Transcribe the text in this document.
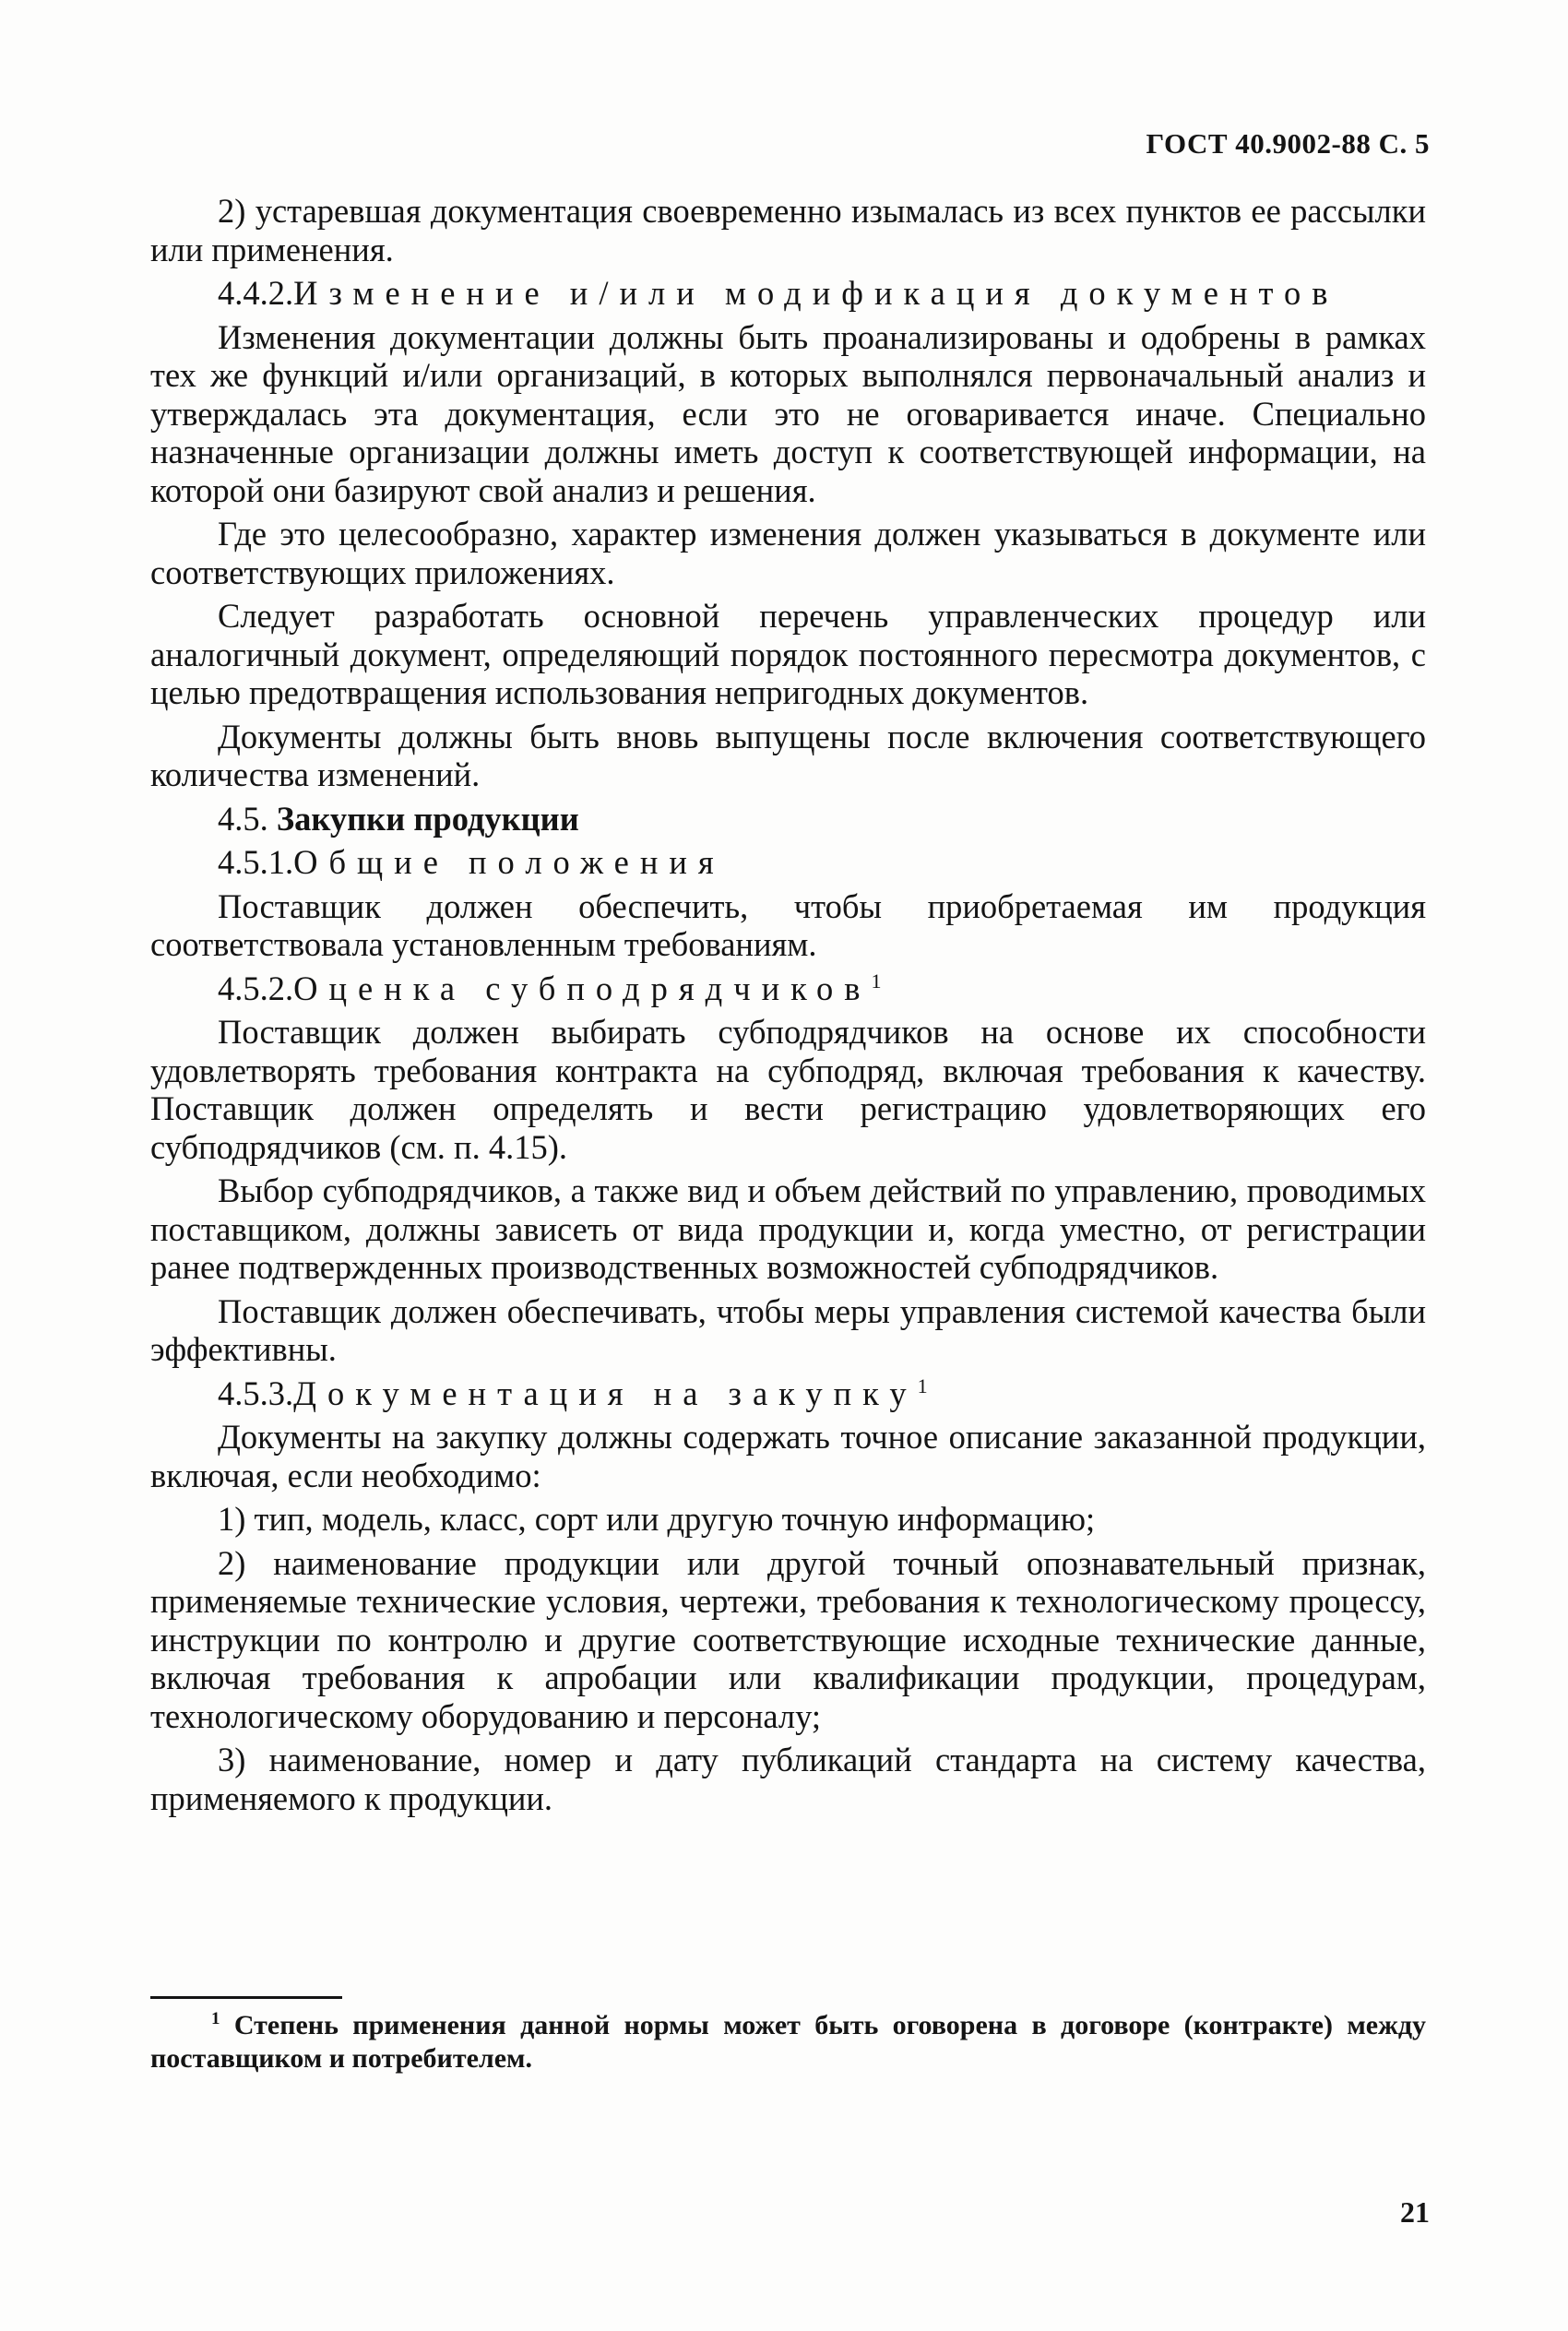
ГОСТ 40.9002-88 С. 5

2) устаревшая документация своевременно изымалась из всех пунктов ее рассылки или применения.

4.4.2.Изменение и/или модификация документов

Изменения документации должны быть проанализированы и одобрены в рамках тех же функций и/или организаций, в которых выполнялся первоначальный анализ и утверждалась эта документация, если это не оговаривается иначе. Специально назначенные организации должны иметь доступ к соответствующей информации, на которой они базируют свой анализ и решения.

Где это целесообразно, характер изменения должен указываться в документе или соответствующих приложениях.

Следует разработать основной перечень управленческих процедур или аналогичный документ, определяющий порядок постоянного пересмотра документов, с целью предотвращения использования непригодных документов.

Документы должны быть вновь выпущены после включения соответствующего количества изменений.

4.5. Закупки продукции

4.5.1.Общие положения

Поставщик должен обеспечить, чтобы приобретаемая им продукция соответствовала установленным требованиям.

4.5.2.Оценка субподрядчиков$^1$

Поставщик должен выбирать субподрядчиков на основе их способности удовлетворять требования контракта на субподряд, включая требования к качеству. Поставщик должен определять и вести регистрацию удовлетворяющих его субподрядчиков (см. п. 4.15).

Выбор субподрядчиков, а также вид и объем действий по управлению, проводимых поставщиком, должны зависеть от вида продукции и, когда уместно, от регистрации ранее подтвержденных производственных возможностей субподрядчиков.

Поставщик должен обеспечивать, чтобы меры управления системой качества были эффективны.

4.5.3.Документация на закупку$^1$

Документы на закупку должны содержать точное описание заказанной продукции, включая, если необходимо:

1) тип, модель, класс, сорт или другую точную информацию;

2) наименование продукции или другой точный опознавательный признак, применяемые технические условия, чертежи, требования к технологическому процессу, инструкции по контролю и другие соответствующие исходные технические данные, включая требования к апробации или квалификации продукции, процедурам, технологическому оборудованию и персоналу;

3) наименование, номер и дату публикаций стандарта на систему качества, применяемого к продукции.

$^1$ Степень применения данной нормы может быть оговорена в договоре (контракте) между поставщиком и потребителем.
21
